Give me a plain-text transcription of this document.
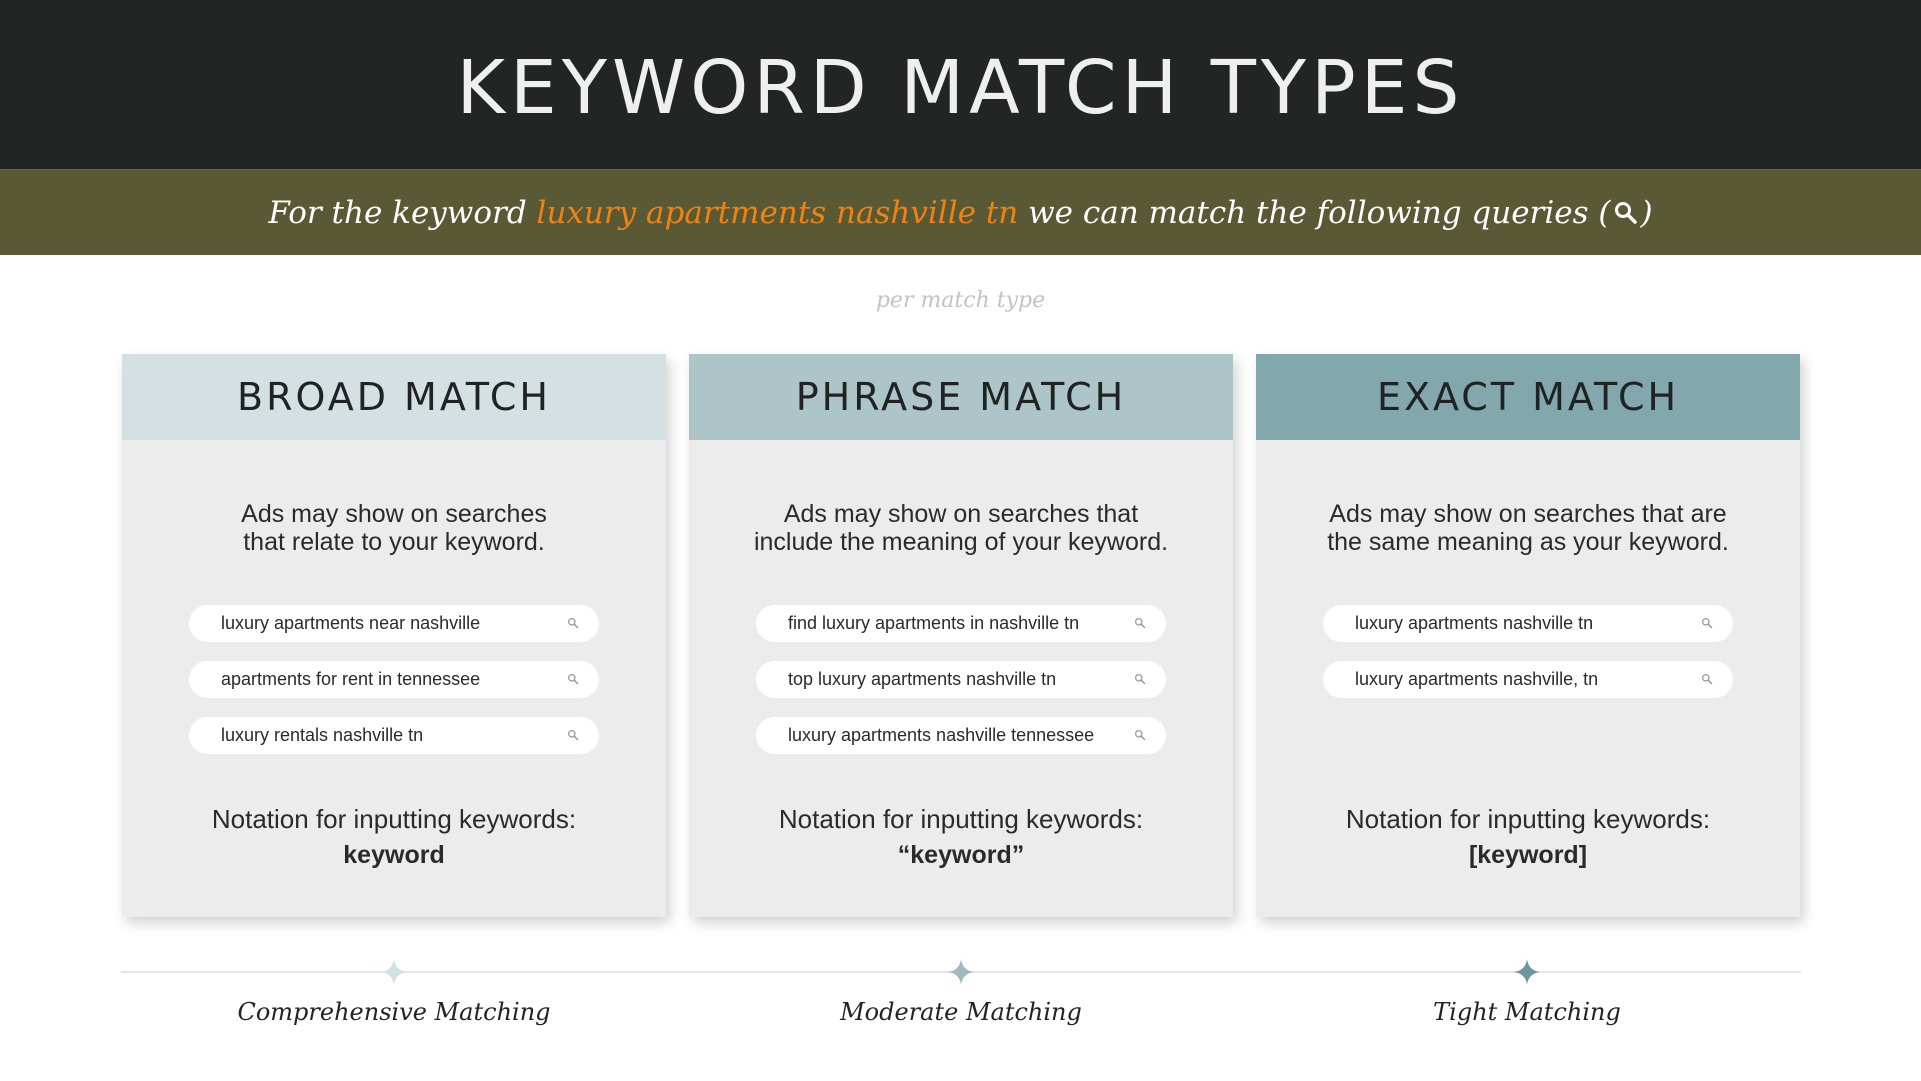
KEYWORD MATCH TYPES

For the keyword luxury apartments nashville tn we can match the following queries ( )

per match type
BROAD MATCH
Ads may show on searches
that relate to your keyword.
luxury apartments near nashville
apartments for rent in tennessee
luxury rentals nashville tn
Notation for inputting keywords:
keyword
PHRASE MATCH
Ads may show on searches that
include the meaning of your keyword.
find luxury apartments in nashville tn
top luxury apartments nashville tn
luxury apartments nashville tennessee
Notation for inputting keywords:
“keyword”
EXACT MATCH
Ads may show on searches that are
the same meaning as your keyword.
luxury apartments nashville tn
luxury apartments nashville, tn
Notation for inputting keywords:
[keyword]
Comprehensive Matching	Moderate Matching	Tight Matching
